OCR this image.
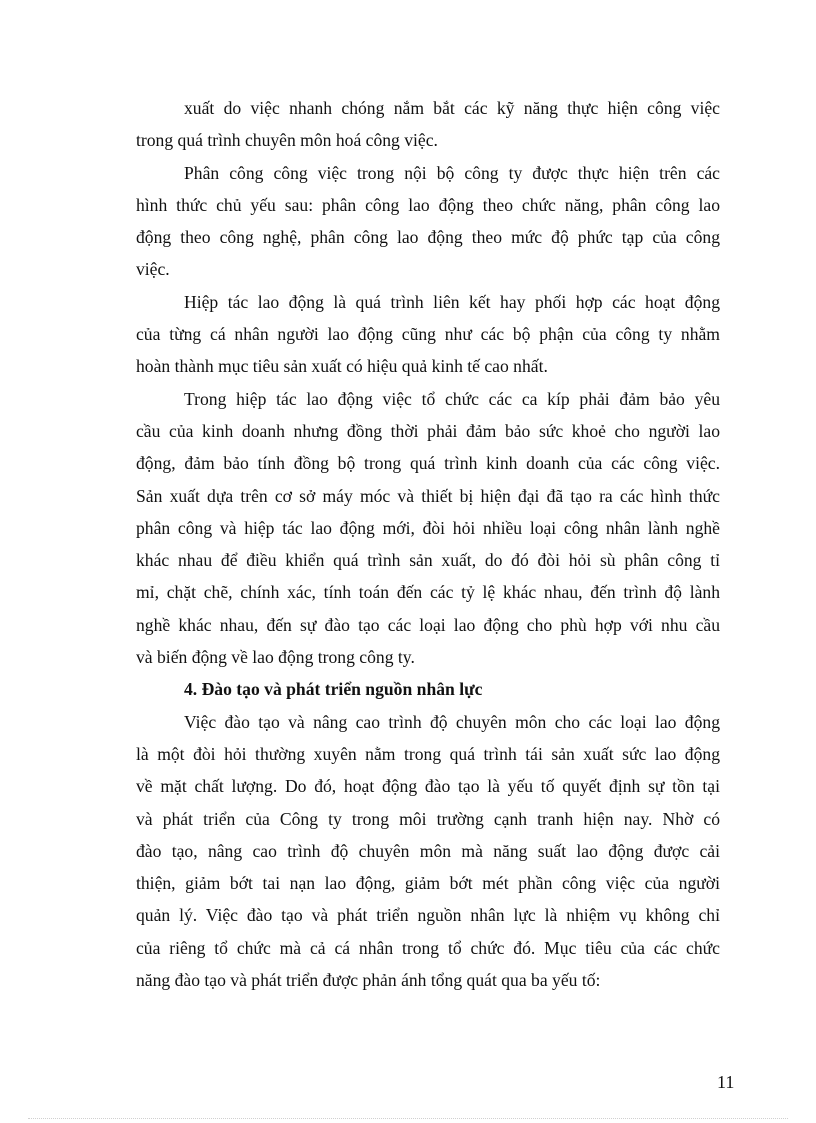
xuất do việc nhanh chóng nắm bắt các kỹ năng thực hiện công việc
trong quá trình chuyên môn hoá công việc.
Phân công công việc trong nội bộ công ty được thực hiện trên các
hình thức chủ yếu sau: phân công lao động theo chức năng, phân công lao
động theo công nghệ, phân công lao động theo mức độ phức tạp của công
việc.
Hiệp tác lao động là quá trình liên kết hay phối hợp các hoạt động
của từng cá nhân người lao động cũng như các bộ phận của công ty nhằm
hoàn thành mục tiêu sản xuất có hiệu quả kinh tế cao nhất.
Trong hiệp tác lao động việc tổ chức các ca kíp phải đảm bảo yêu
cầu của kinh doanh nhưng đồng thời phải đảm bảo sức khoẻ cho người lao
động, đảm bảo tính đồng bộ trong quá trình kinh doanh của các công việc.
Sản xuất dựa trên cơ sở máy móc và thiết bị hiện đại đã tạo ra các hình thức
phân công và hiệp tác lao động mới, đòi hỏi nhiều loại công nhân lành nghề
khác nhau để điều khiển quá trình sản xuất, do đó đòi hỏi sù phân công tỉ
mỉ, chặt chẽ, chính xác, tính toán đến các tỷ lệ khác nhau, đến trình độ lành
nghề khác nhau, đến sự đào tạo các loại lao động cho phù hợp với nhu cầu
và biến động về lao động trong công ty.
4. Đào tạo và phát triển nguồn nhân lực
Việc đào tạo và nâng cao trình độ chuyên môn cho các loại lao động
là một đòi hỏi thường xuyên nằm trong quá trình tái sản xuất sức lao động
về mặt chất lượng. Do đó, hoạt động đào tạo là yếu tố quyết định sự tồn tại
và phát triển của Công ty trong môi trường cạnh tranh hiện nay. Nhờ có
đào tạo, nâng cao trình độ chuyên môn mà năng suất lao động được cải
thiện, giảm bớt tai nạn lao động, giảm bớt mét phần công việc của người
quản lý. Việc đào tạo và phát triển nguồn nhân lực là nhiệm vụ không chỉ
của riêng tổ chức mà cả cá nhân trong tổ chức đó. Mục tiêu của các chức
năng đào tạo và phát triển được phản ánh tổng quát qua ba yếu tố:
11
